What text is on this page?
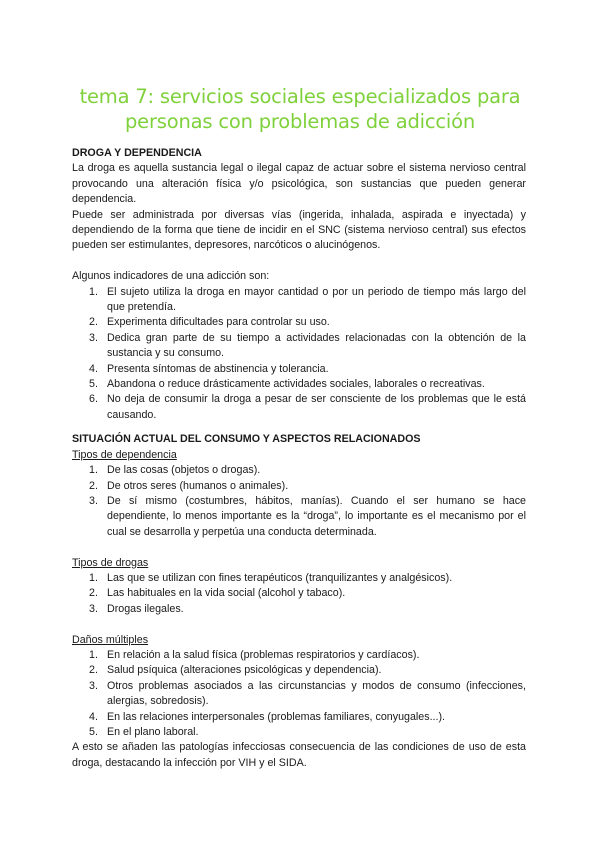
tema 7: servicios sociales especializados para
personas con problemas de adicción

DROGA Y DEPENDENCIA

La droga es aquella sustancia legal o ilegal capaz de actuar sobre el sistema nervioso central provocando una alteración física y/o psicológica, son sustancias que pueden generar dependencia.

Puede ser administrada por diversas vías (ingerida, inhalada, aspirada e inyectada) y dependiendo de la forma que tiene de incidir en el SNC (sistema nervioso central) sus efectos pueden ser estimulantes, depresores, narcóticos o alucinógenos.

Algunos indicadores de una adicción son:

1. El sujeto utiliza la droga en mayor cantidad o por un periodo de tiempo más largo del que pretendía.
2. Experimenta dificultades para controlar su uso.
3. Dedica gran parte de su tiempo a actividades relacionadas con la obtención de la sustancia y su consumo.
4. Presenta síntomas de abstinencia y tolerancia.
5. Abandona o reduce drásticamente actividades sociales, laborales o recreativas.
6. No deja de consumir la droga a pesar de ser consciente de los problemas que le está causando.

SITUACIÓN ACTUAL DEL CONSUMO Y ASPECTOS RELACIONADOS

Tipos de dependencia

1. De las cosas (objetos o drogas).
2. De otros seres (humanos o animales).
3. De sí mismo (costumbres, hábitos, manías). Cuando el ser humano se hace dependiente, lo menos importante es la “droga”, lo importante es el mecanismo por el cual se desarrolla y perpetúa una conducta determinada.

Tipos de drogas

1. Las que se utilizan con fines terapéuticos (tranquilizantes y analgésicos).
2. Las habituales en la vida social (alcohol y tabaco).
3. Drogas ilegales.

Daños múltiples

1. En relación a la salud física (problemas respiratorios y cardíacos).
2. Salud psíquica (alteraciones psicológicas y dependencia).
3. Otros problemas asociados a las circunstancias y modos de consumo (infecciones, alergias, sobredosis).
4. En las relaciones interpersonales (problemas familiares, conyugales...).
5. En el plano laboral.

A esto se añaden las patologías infecciosas consecuencia de las condiciones de uso de esta droga, destacando la infección por VIH y el SIDA.
